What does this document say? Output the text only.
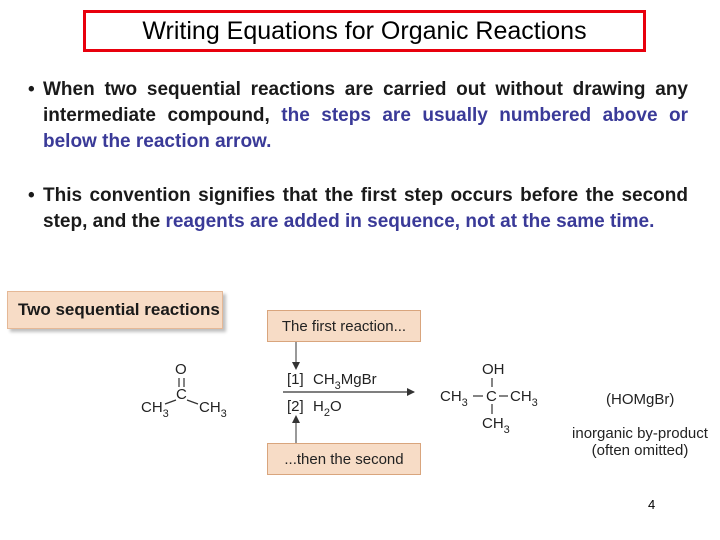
Writing Equations for Organic Reactions
• When two sequential reactions are carried out without drawing any intermediate compound, the steps are usually numbered above or below the reaction arrow.
• This convention signifies that the first step occurs before the second step, and the reagents are added in sequence, not at the same time.
Two sequential reactions
The first reaction...
...then the second
O
C
$CH_3$ $CH_3$
[1] $CH_3MgBr$
[2] $H_2O$
OH
$CH_3$ C $CH_3$
$CH_3$
(HOMgBr)
inorganic by-product
(often omitted)
4
